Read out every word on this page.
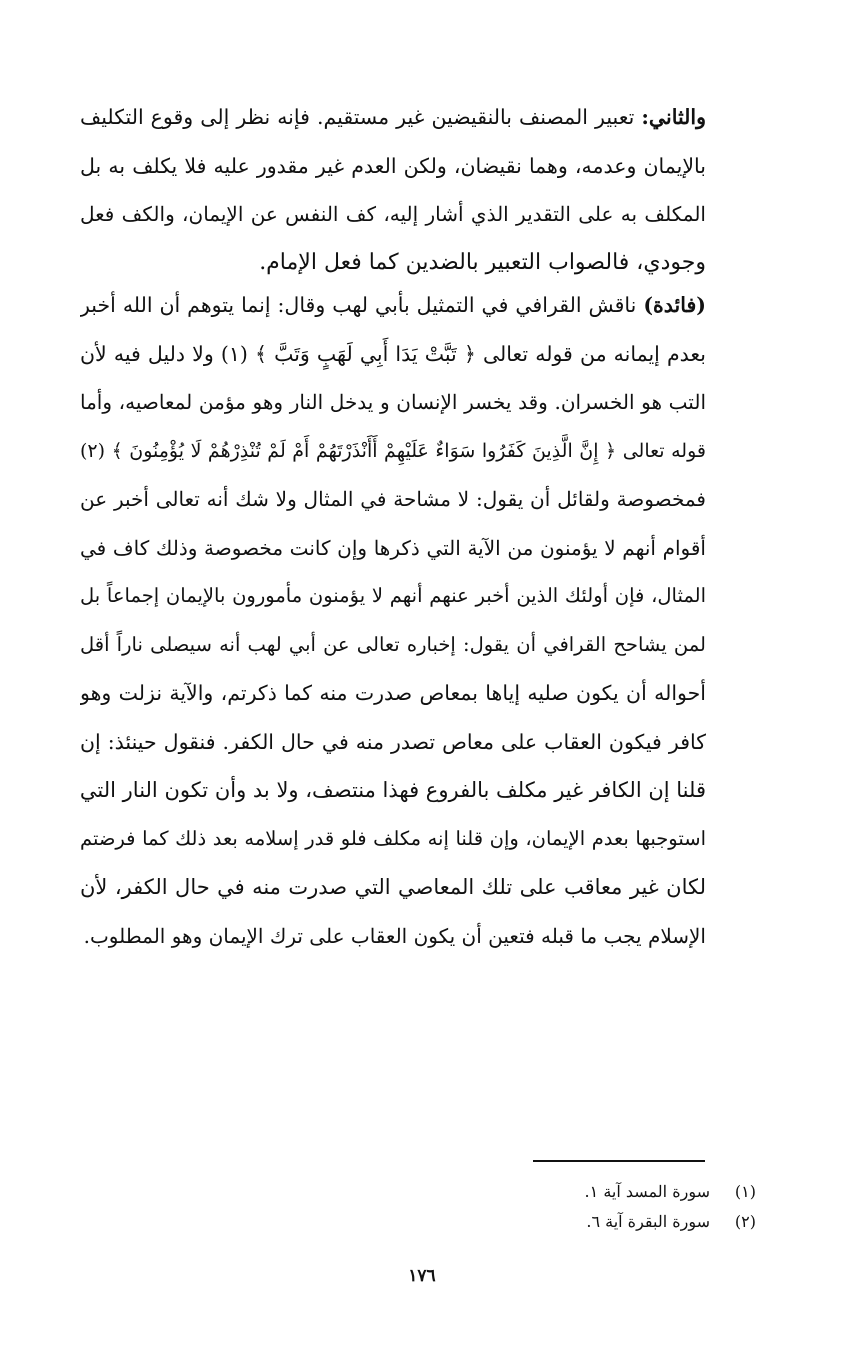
والثاني: تعبير المصنف بالنقيضين غير مستقيم. فإنه نظر إلى وقوع التكليف
بالإيمان وعدمه، وهما نقيضان، ولكن العدم غير مقدور عليه فلا يكلف به بل
المكلف به على التقدير الذي أشار إليه، كف النفس عن الإيمان، والكف فعل
وجودي، فالصواب التعبير بالضدين كما فعل الإمام.
(فائدة) ناقش القرافي في التمثيل بأبي لهب وقال: إنما يتوهم أن الله أخبر
بعدم إيمانه من قوله تعالى ﴿ تَبَّتْ يَدَا أَبِي لَهَبٍ وَتَبَّ ﴾ (١) ولا دليل فيه لأن
التب هو الخسران. وقد يخسر الإنسان و يدخل النار وهو مؤمن لمعاصيه، وأما
قوله تعالى ﴿ إِنَّ الَّذِينَ كَفَرُوا سَوَاءٌ عَلَيْهِمْ أَأَنْذَرْتَهُمْ أَمْ لَمْ تُنْذِرْهُمْ لَا يُؤْمِنُونَ ﴾ (٢)
فمخصوصة ولقائل أن يقول: لا مشاحة في المثال ولا شك أنه تعالى أخبر عن
أقوام أنهم لا يؤمنون من الآية التي ذكرها وإن كانت مخصوصة وذلك كاف في
المثال، فإن أولئك الذين أخبر عنهم أنهم لا يؤمنون مأمورون بالإيمان إجماعاً بل
لمن يشاحح القرافي أن يقول: إخباره تعالى عن أبي لهب أنه سيصلى ناراً أقل
أحواله أن يكون صليه إياها بمعاص صدرت منه كما ذكرتم، والآية نزلت وهو
كافر فيكون العقاب على معاص تصدر منه في حال الكفر. فنقول حينئذ: إن
قلنا إن الكافر غير مكلف بالفروع فهذا منتصف، ولا بد وأن تكون النار التي
استوجبها بعدم الإيمان، وإن قلنا إنه مكلف فلو قدر إسلامه بعد ذلك كما فرضتم
لكان غير معاقب على تلك المعاصي التي صدرت منه في حال الكفر، لأن
الإسلام يجب ما قبله فتعين أن يكون العقاب على ترك الإيمان وهو المطلوب.
(١)سورة المسد آية ١.
(٢)سورة البقرة آية ٦.
١٧٦
